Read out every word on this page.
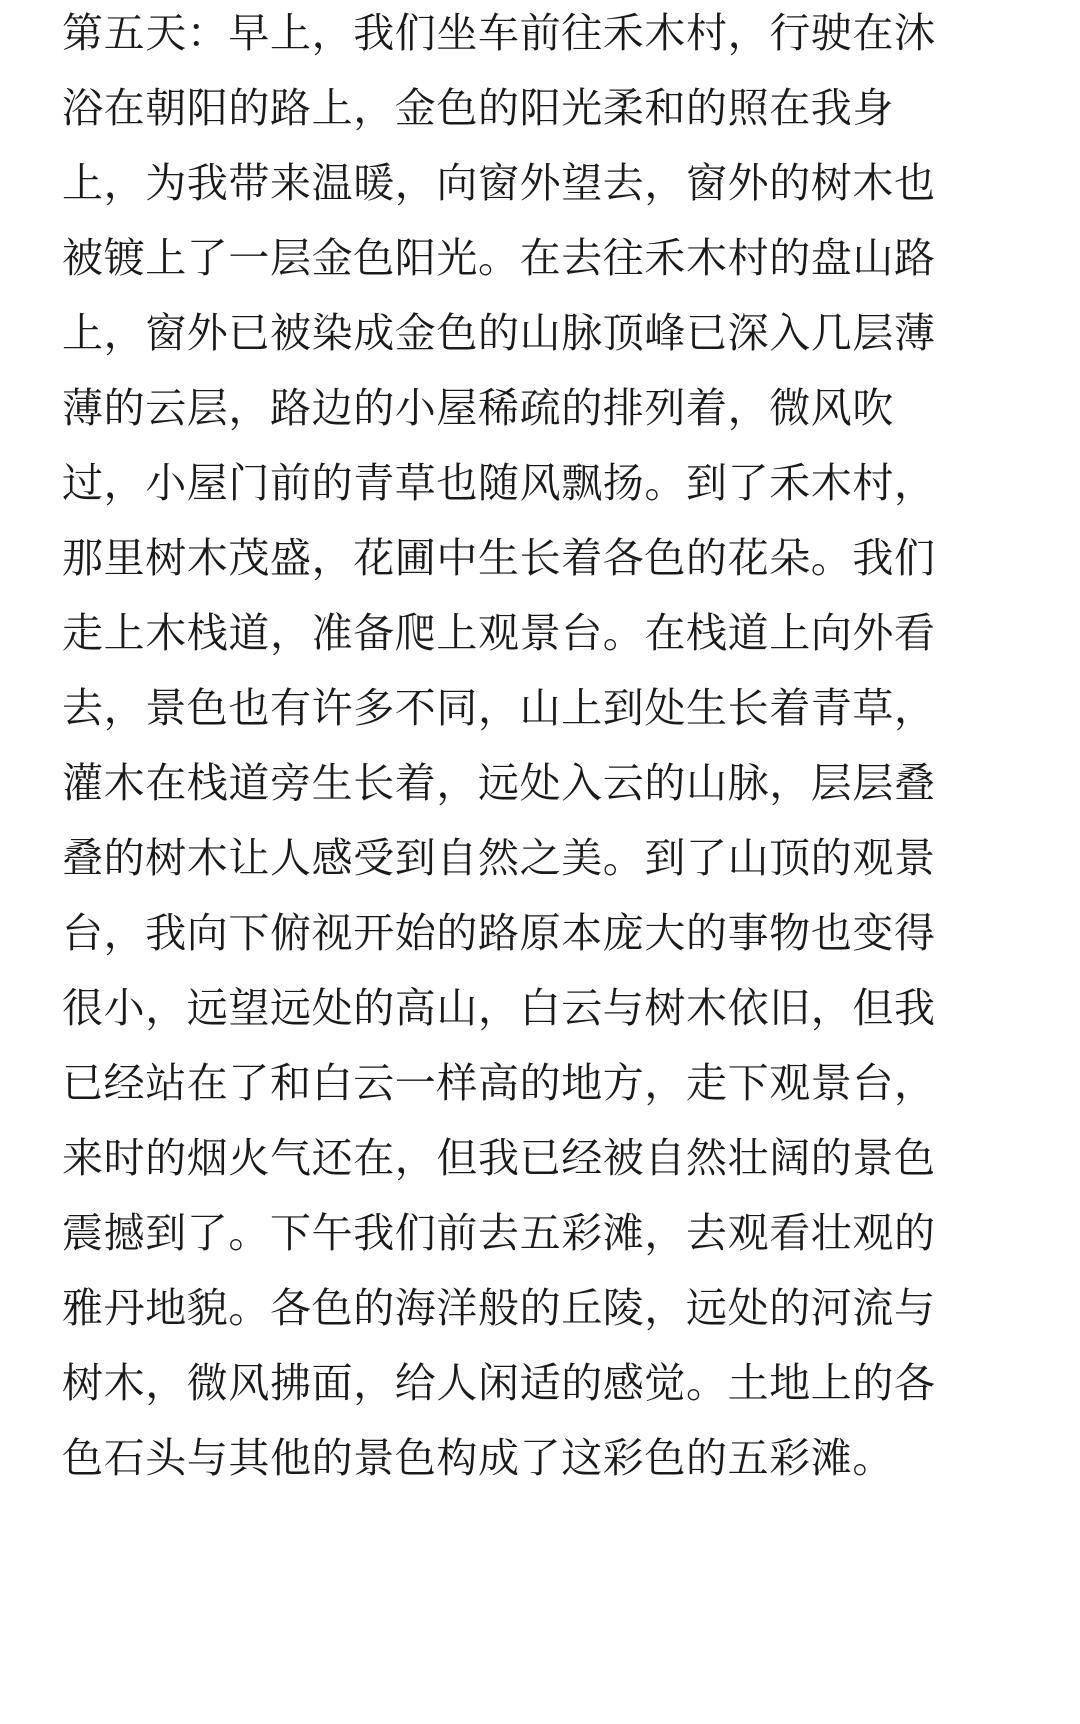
第五天：早上，我们坐车前往禾木村，行驶在沐
浴在朝阳的路上，金色的阳光柔和的照在我身
上，为我带来温暖，向窗外望去，窗外的树木也
被镀上了一层金色阳光。在去往禾木村的盘山路
上，窗外已被染成金色的山脉顶峰已深入几层薄
薄的云层，路边的小屋稀疏的排列着，微风吹
过，小屋门前的青草也随风飘扬。到了禾木村，
那里树木茂盛，花圃中生长着各色的花朵。我们
走上木栈道，准备爬上观景台。在栈道上向外看
去，景色也有许多不同，山上到处生长着青草，
灌木在栈道旁生长着，远处入云的山脉，层层叠
叠的树木让人感受到自然之美。到了山顶的观景
台，我向下俯视开始的路原本庞大的事物也变得
很小，远望远处的高山，白云与树木依旧，但我
已经站在了和白云一样高的地方，走下观景台，
来时的烟火气还在，但我已经被自然壮阔的景色
震撼到了。下午我们前去五彩滩，去观看壮观的
雅丹地貌。各色的海洋般的丘陵，远处的河流与
树木，微风拂面，给人闲适的感觉。土地上的各
色石头与其他的景色构成了这彩色的五彩滩。
